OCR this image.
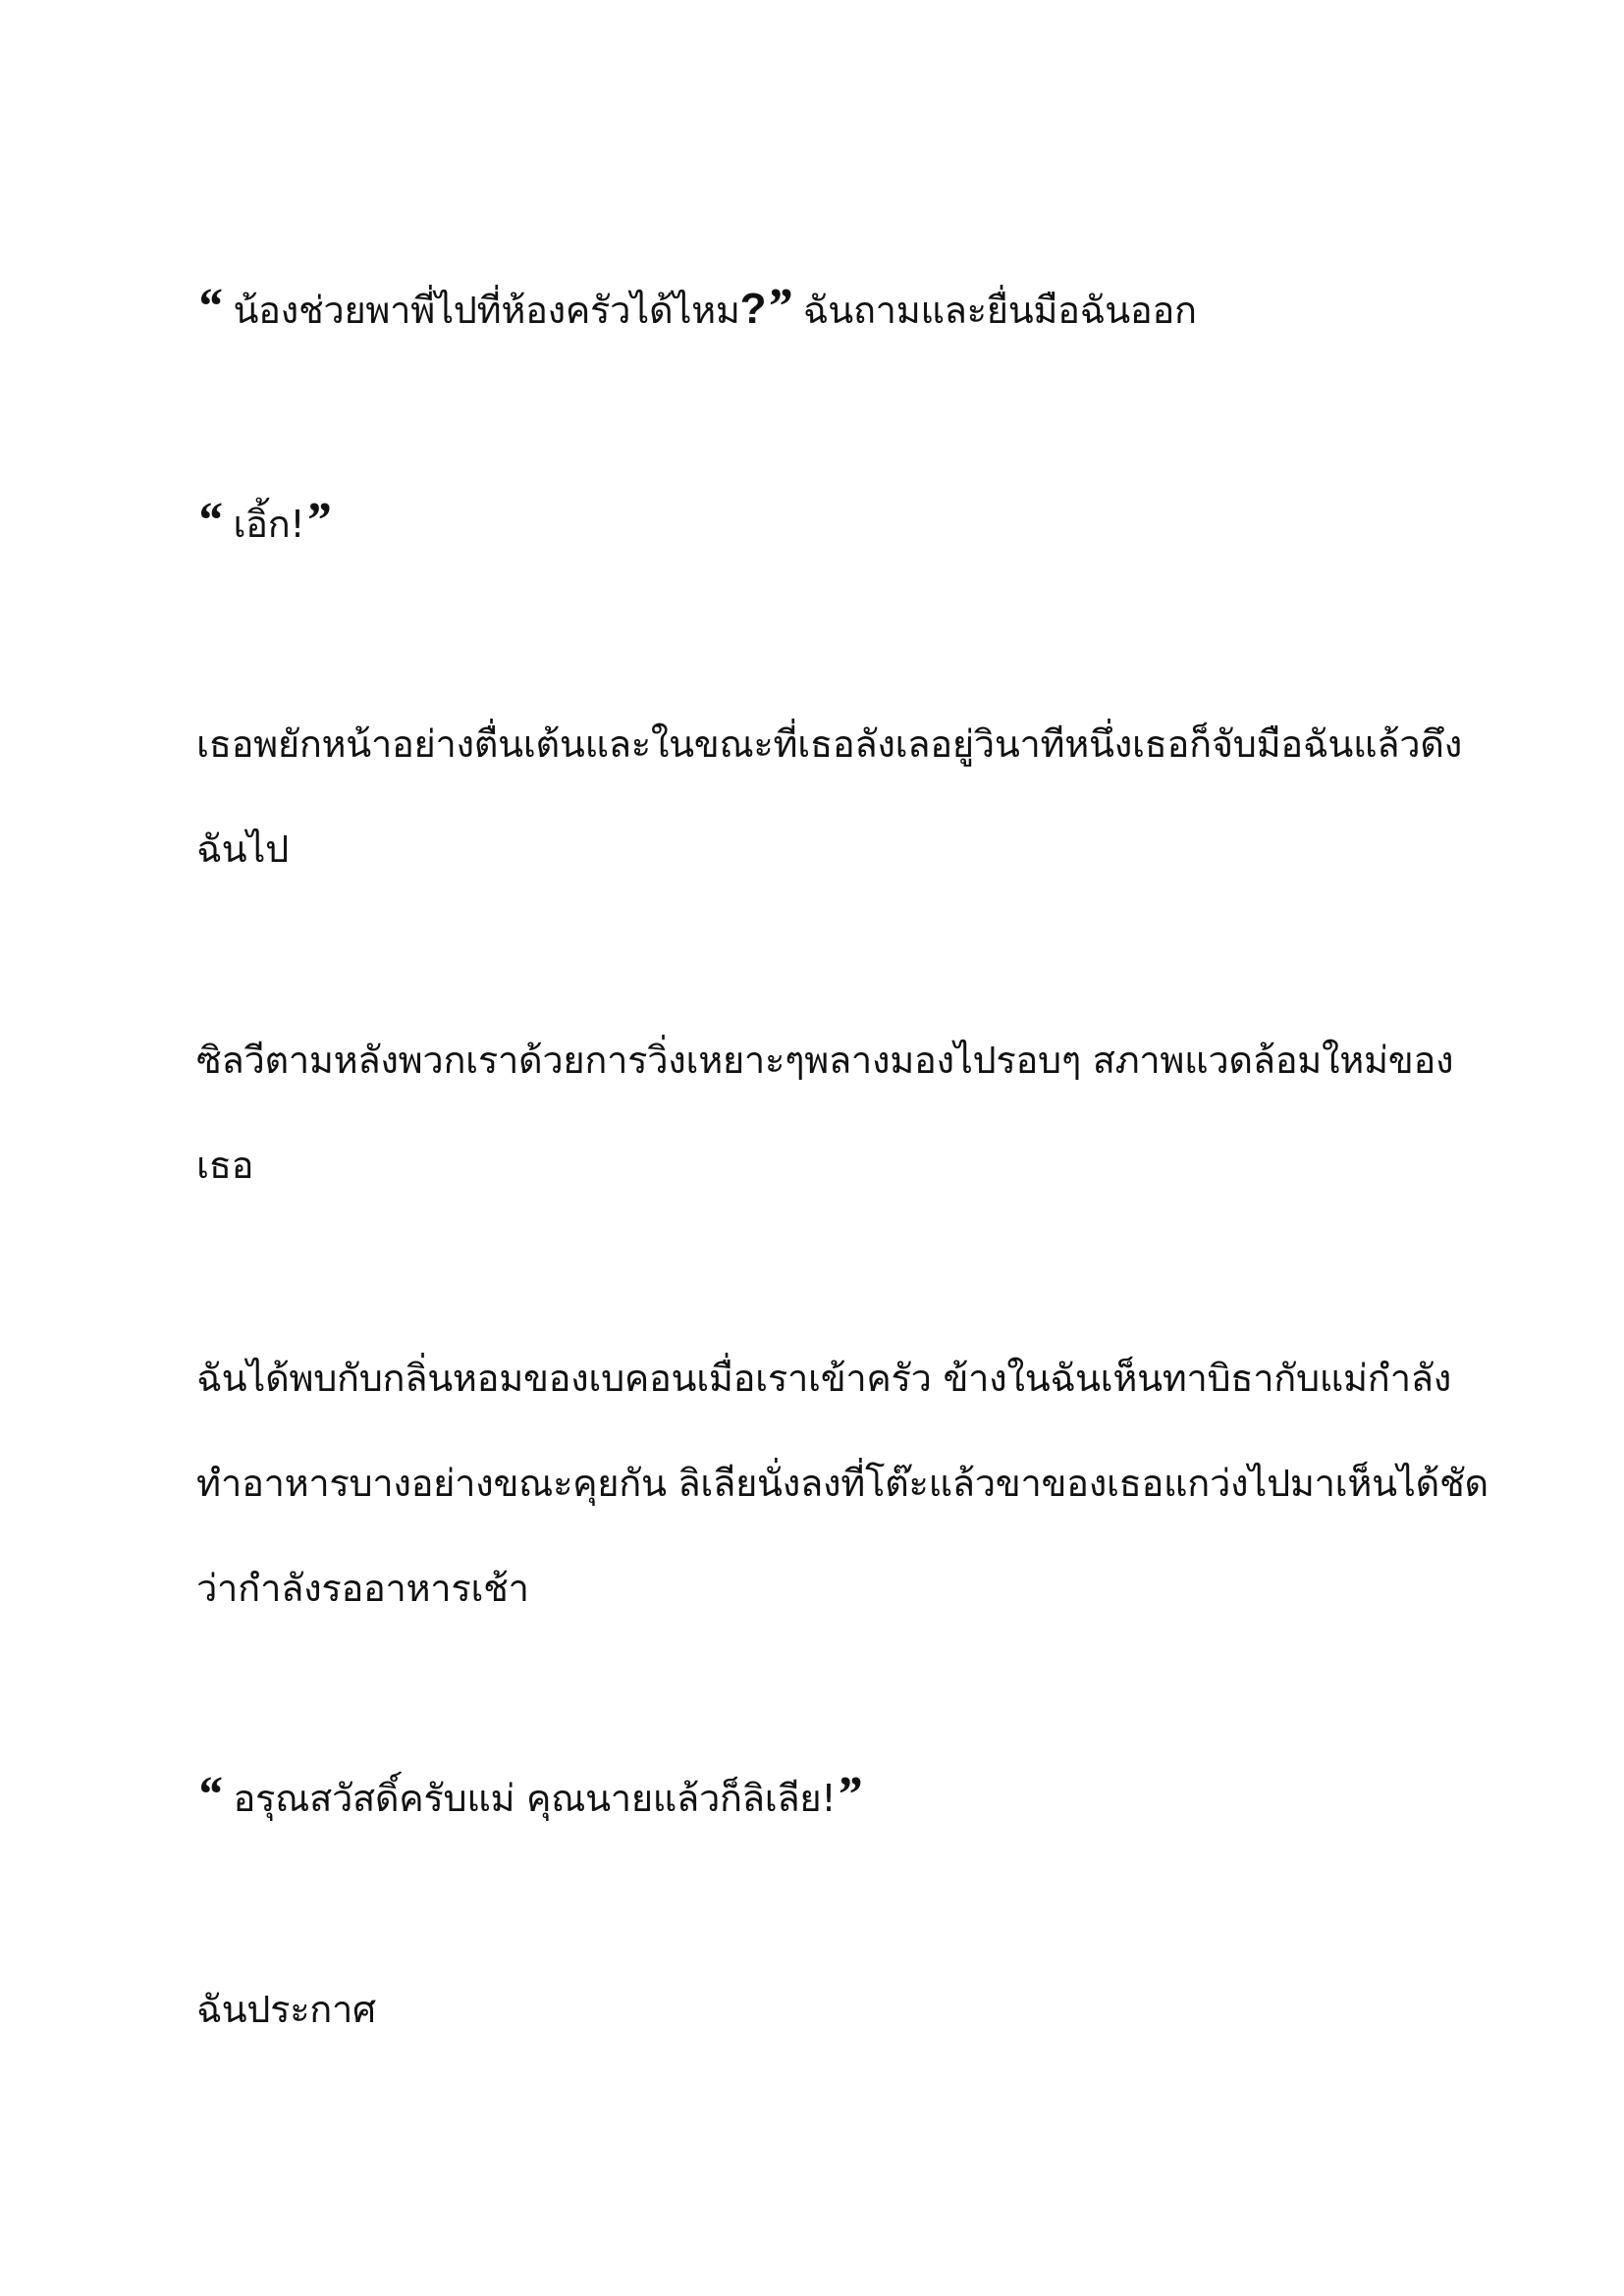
“ น้องช่วยพาพี่ไปที่ห้องครัวได้ไหม?” ฉันถามและยื่นมือฉันออก

“ เอิ้ก!”

เธอพยักหน้าอย่างตื่นเต้นและในขณะที่เธอลังเลอยู่วินาทีหนึ่งเธอก็จับมือฉันแล้วดึง
ฉันไป

ซิลวีตามหลังพวกเราด้วยการวิ่งเหยาะๆพลางมองไปรอบๆ สภาพแวดล้อมใหม่ของ
เธอ

ฉันได้พบกับกลิ่นหอมของเบคอนเมื่อเราเข้าครัว ข้างในฉันเห็นทาบิธากับแม่กำลัง
ทำอาหารบางอย่างขณะคุยกัน ลิเลียนั่งลงที่โต๊ะแล้วขาของเธอแกว่งไปมาเห็นได้ชัด
ว่ากำลังรออาหารเช้า

“ อรุณสวัสดิ์ครับแม่ คุณนายแล้วก็ลิเลีย!”

ฉันประกาศ
